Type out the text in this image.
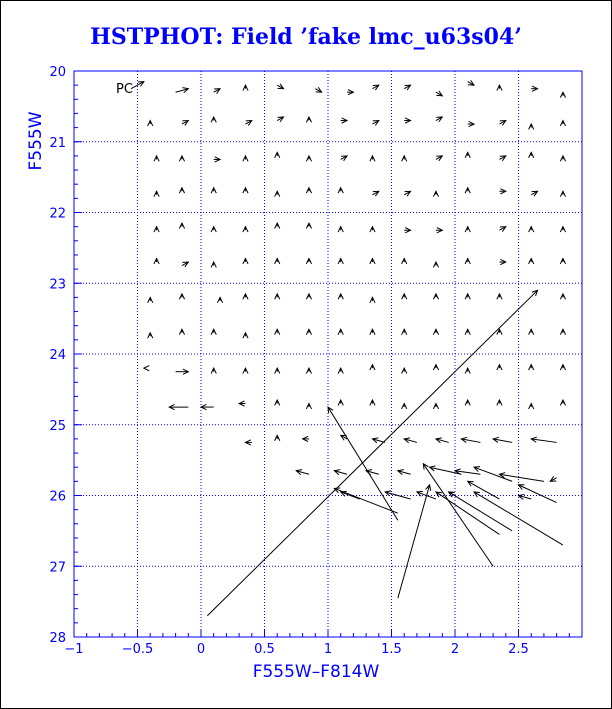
HSTPHOT: Field ’fake lmc_u63s04’
−1	−0.5	0	0.5	1	1.5	2	2.5
20
21
22
23
24
25
26
27
28
PC
F555W
F555W–F814W
